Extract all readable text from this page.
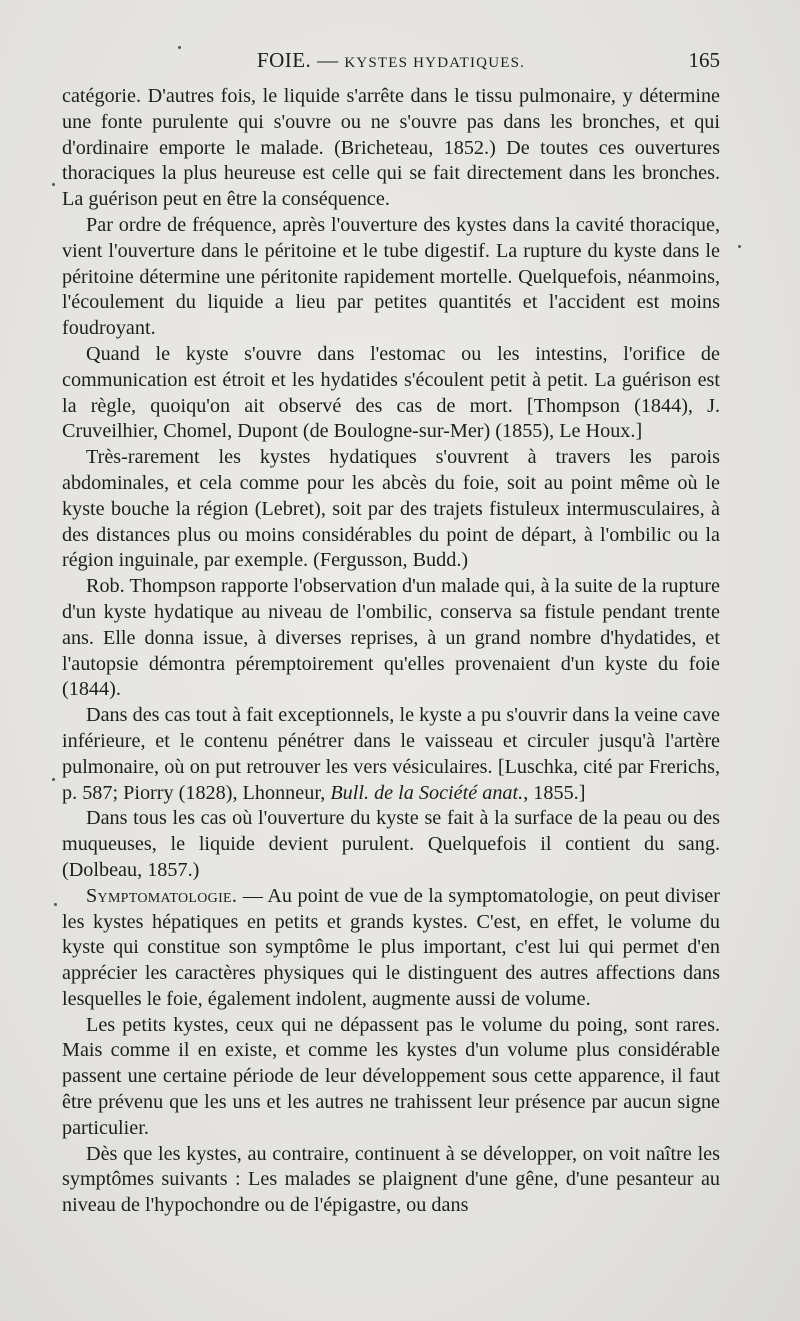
FOIE. — KYSTES HYDATIQUES.	165

catégorie. D'autres fois, le liquide s'arrête dans le tissu pulmonaire, y détermine une fonte purulente qui s'ouvre ou ne s'ouvre pas dans les bronches, et qui d'ordinaire emporte le malade. (Bricheteau, 1852.) De toutes ces ouvertures thoraciques la plus heureuse est celle qui se fait directement dans les bronches. La guérison peut en être la conséquence.

Par ordre de fréquence, après l'ouverture des kystes dans la cavité thoracique, vient l'ouverture dans le péritoine et le tube digestif. La rupture du kyste dans le péritoine détermine une péritonite rapidement mortelle. Quelquefois, néanmoins, l'écoulement du liquide a lieu par petites quantités et l'accident est moins foudroyant.

Quand le kyste s'ouvre dans l'estomac ou les intestins, l'orifice de communication est étroit et les hydatides s'écoulent petit à petit. La guérison est la règle, quoiqu'on ait observé des cas de mort. [Thompson (1844), J. Cruveilhier, Chomel, Dupont (de Boulogne-sur-Mer) (1855), Le Houx.]

Très-rarement les kystes hydatiques s'ouvrent à travers les parois abdominales, et cela comme pour les abcès du foie, soit au point même où le kyste bouche la région (Lebret), soit par des trajets fistuleux intermusculaires, à des distances plus ou moins considérables du point de départ, à l'ombilic ou la région inguinale, par exemple. (Fergusson, Budd.)

Rob. Thompson rapporte l'observation d'un malade qui, à la suite de la rupture d'un kyste hydatique au niveau de l'ombilic, conserva sa fistule pendant trente ans. Elle donna issue, à diverses reprises, à un grand nombre d'hydatides, et l'autopsie démontra péremptoirement qu'elles provenaient d'un kyste du foie (1844).

Dans des cas tout à fait exceptionnels, le kyste a pu s'ouvrir dans la veine cave inférieure, et le contenu pénétrer dans le vaisseau et circuler jusqu'à l'artère pulmonaire, où on put retrouver les vers vésiculaires. [Luschka, cité par Frerichs, p. 587; Piorry (1828), Lhonneur, Bull. de la Société anat., 1855.]

Dans tous les cas où l'ouverture du kyste se fait à la surface de la peau ou des muqueuses, le liquide devient purulent. Quelquefois il contient du sang. (Dolbeau, 1857.)

Symptomatologie. — Au point de vue de la symptomatologie, on peut diviser les kystes hépatiques en petits et grands kystes. C'est, en effet, le volume du kyste qui constitue son symptôme le plus important, c'est lui qui permet d'en apprécier les caractères physiques qui le distinguent des autres affections dans lesquelles le foie, également indolent, augmente aussi de volume.

Les petits kystes, ceux qui ne dépassent pas le volume du poing, sont rares. Mais comme il en existe, et comme les kystes d'un volume plus considérable passent une certaine période de leur développement sous cette apparence, il faut être prévenu que les uns et les autres ne trahissent leur présence par aucun signe particulier.

Dès que les kystes, au contraire, continuent à se développer, on voit naître les symptômes suivants : Les malades se plaignent d'une gêne, d'une pesanteur au niveau de l'hypochondre ou de l'épigastre, ou dans
